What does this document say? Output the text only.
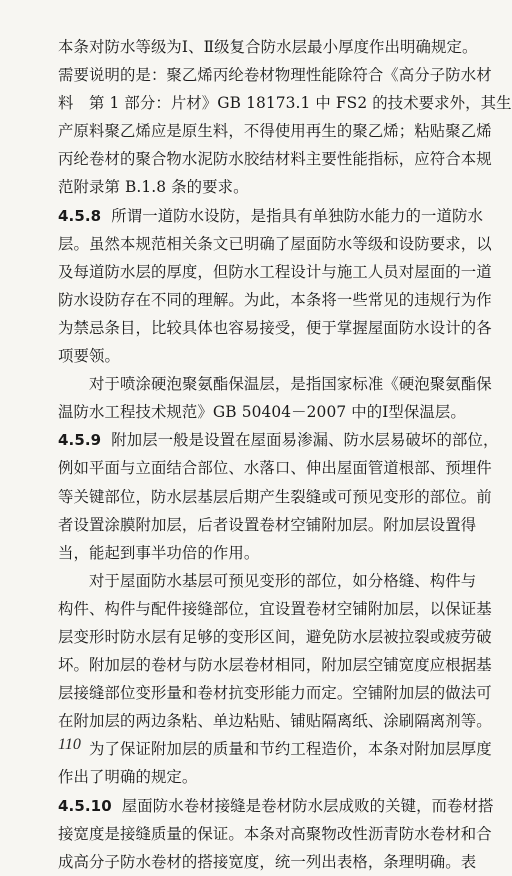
本条对防水等级为Ⅰ、Ⅱ级复合防水层最小厚度作出明确规定。
需要说明的是：聚乙烯丙纶卷材物理性能除符合《高分子防水材
料　第 1 部分：片材》GB 18173.1 中 FS2 的技术要求外，其生
产原料聚乙烯应是原生料，不得使用再生的聚乙烯；粘贴聚乙烯
丙纶卷材的聚合物水泥防水胶结材料主要性能指标，应符合本规
范附录第 B.1.8 条的要求。
4.5.8 所谓一道防水设防，是指具有单独防水能力的一道防水
层。虽然本规范相关条文已明确了屋面防水等级和设防要求，以
及每道防水层的厚度，但防水工程设计与施工人员对屋面的一道
防水设防存在不同的理解。为此，本条将一些常见的违规行为作
为禁忌条目，比较具体也容易接受，便于掌握屋面防水设计的各
项要领。
对于喷涂硬泡聚氨酯保温层，是指国家标准《硬泡聚氨酯保
温防水工程技术规范》GB 50404－2007 中的Ⅰ型保温层。
4.5.9 附加层一般是设置在屋面易渗漏、防水层易破坏的部位，
例如平面与立面结合部位、水落口、伸出屋面管道根部、预埋件
等关键部位，防水层基层后期产生裂缝或可预见变形的部位。前
者设置涂膜附加层，后者设置卷材空铺附加层。附加层设置得
当，能起到事半功倍的作用。
对于屋面防水基层可预见变形的部位，如分格缝、构件与
构件、构件与配件接缝部位，宜设置卷材空铺附加层，以保证基
层变形时防水层有足够的变形区间，避免防水层被拉裂或疲劳破
坏。附加层的卷材与防水层卷材相同，附加层空铺宽度应根据基
层接缝部位变形量和卷材抗变形能力而定。空铺附加层的做法可
在附加层的两边条粘、单边粘贴、铺贴隔离纸、涂刷隔离剂等。
为了保证附加层的质量和节约工程造价，本条对附加层厚度
作出了明确的规定。
4.5.10 屋面防水卷材接缝是卷材防水层成败的关键，而卷材搭
接宽度是接缝质量的保证。本条对高聚物改性沥青防水卷材和合
成高分子防水卷材的搭接宽度，统一列出表格，条理明确。表
110
